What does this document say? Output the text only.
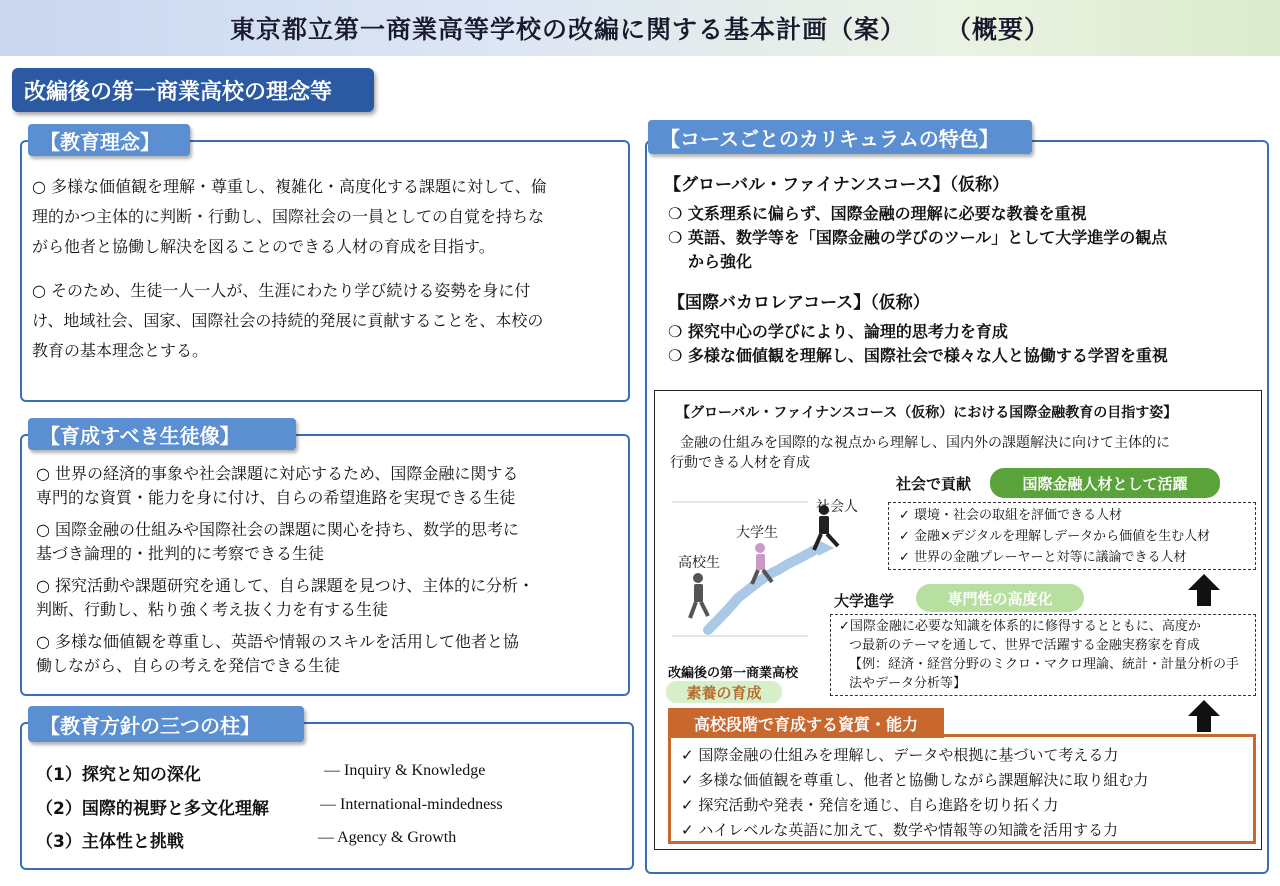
東京都立第一商業高等学校の改編に関する基本計画（案） （概要）
改編後の第一商業高校の理念等
○ 多様な価値観を理解・尊重し、複雑化・高度化する課題に対して、倫
理的かつ主体的に判断・行動し、国際社会の一員としての自覚を持ちな
がら他者と協働し解決を図ることのできる人材の育成を目指す。
○ そのため、生徒一人一人が、生涯にわたり学び続ける姿勢を身に付
け、地域社会、国家、国際社会の持続的発展に貢献することを、本校の
教育の基本理念とする。
【教育理念】
○ 世界の経済的事象や社会課題に対応するため、国際金融に関する
専門的な資質・能力を身に付け、自らの希望進路を実現できる生徒
○ 国際金融の仕組みや国際社会の課題に関心を持ち、数学的思考に
基づき論理的・批判的に考察できる生徒
○ 探究活動や課題研究を通して、自ら課題を見つけ、主体的に分析・
判断、行動し、粘り強く考え抜く力を有する生徒
○ 多様な価値観を尊重し、英語や情報のスキルを活用して他者と協
働しながら、自らの考えを発信できる生徒
【育成すべき生徒像】
【教育方針の三つの柱】
（1）探究と知の深化	— Inquiry & Knowledge
（2）国際的視野と多文化理解	— International-mindedness
（3）主体性と挑戦	— Agency & Growth
【コースごとのカリキュラムの特色】
【グローバル・ファイナンスコース】（仮称）
❍ 文系理系に偏らず、国際金融の理解に必要な教養を重視
❍ 英語、数学等を「国際金融の学びのツール」として大学進学の観点
から強化
【国際バカロレアコース】（仮称）
❍ 探究中心の学びにより、論理的思考力を育成
❍ 多様な価値観を理解し、国際社会で様々な人と協働する学習を重視
【グローバル・ファイナンスコース（仮称）における国際金融教育の目指す姿】
金融の仕組みを国際的な視点から理解し、国内外の課題解決に向けて主体的に
行動できる人材を育成
社会で貢献	国際金融人材として活躍
✓ 環境・社会の取組を評価できる人材
✓ 金融×デジタルを理解しデータから価値を生む人材
✓ 世界の金融プレーヤーと対等に議論できる人材
高校生
大学生
社会人
大学進学	専門性の高度化
✓国際金融に必要な知識を体系的に修得するとともに、高度か
つ最新のテーマを通して、世界で活躍する金融実務家を育成
【例：経済・経営分野のミクロ・マクロ理論、統計・計量分析の手
法やデータ分析等】
改編後の第一商業高校
素養の育成
✓ 国際金融の仕組みを理解し、データや根拠に基づいて考える力
✓ 多様な価値観を尊重し、他者と協働しながら課題解決に取り組む力
✓ 探究活動や発表・発信を通じ、自ら進路を切り拓く力
✓ ハイレベルな英語に加えて、数学や情報等の知識を活用する力
高校段階で育成する資質・能力
